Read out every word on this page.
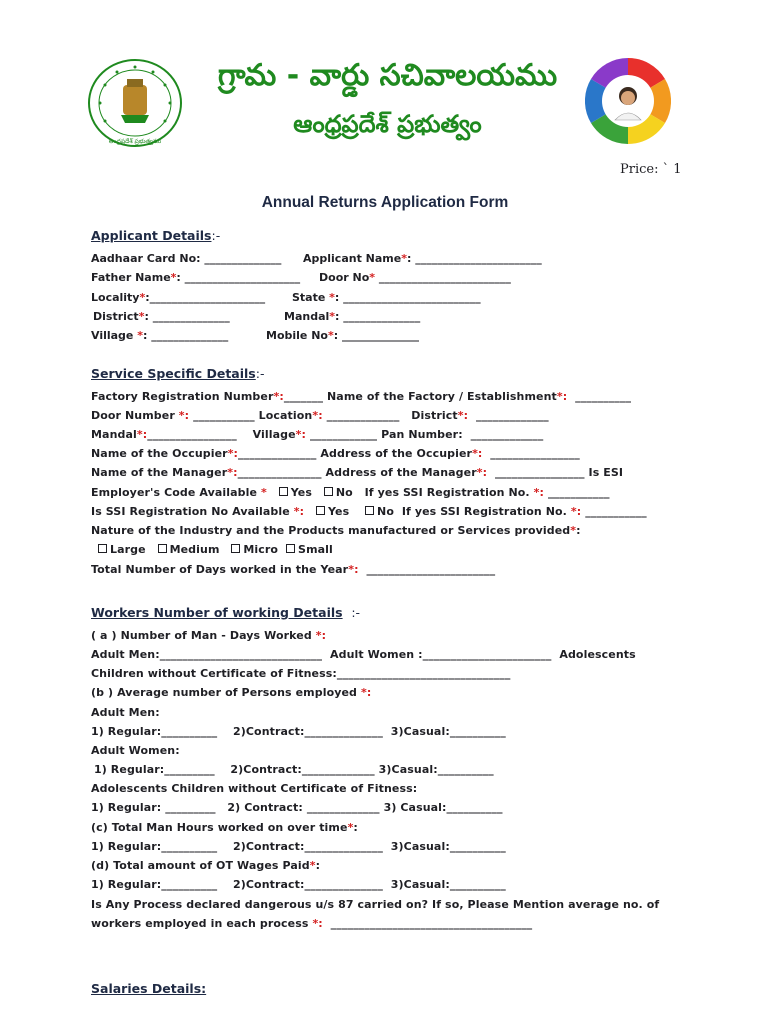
ఆంధ్రప్రదేశ్ ప్రభుత్వము
గ్రామ - వార్డు సచివాలయము
ఆంధ్రప్రదేశ్ ప్రభుత్వం
Price: ` 1
Annual Returns Application Form
Applicant Details:-
Aadhaar Card No: ______________ Applicant Name*: _______________________
Father Name*: _____________________ Door No* ________________________
Locality*:_____________________ State *: _________________________
District*: ______________	Mandal*: ______________
Village *: ______________	Mobile No*: ______________
Service Specific Details:-
Factory Registration Number*:_______ Name of the Factory / Establishment*: __________
Door Number *: ___________ Location*: _____________ District*: _____________
Mandal*:________________ Village*: ____________ Pan Number: _____________
Name of the Occupier*:______________ Address of the Occupier*: ________________
Name of the Manager*:_______________ Address of the Manager*: ________________ Is ESI
Employer's Code Available * Yes No If yes SSI Registration No. *: ___________
Is SSI Registration No Available *: Yes	No If yes SSI Registration No. *: ___________
Nature of the Industry and the Products manufactured or Services provided*:
Large Medium Micro Small
Total Number of Days worked in the Year*: _______________________
Workers Number of working Details :-
( a ) Number of Man - Days Worked *:
Adult Men:_____________________________ Adult Women :_______________________ Adolescents
Children without Certificate of Fitness:_______________________________
(b ) Average number of Persons employed *:
Adult Men:
1) Regular:__________ 2)Contract:______________ 3)Casual:__________
Adult Women:
1) Regular:_________ 2)Contract:_____________ 3)Casual:__________
Adolescents Children without Certificate of Fitness:
1) Regular: _________ 2) Contract: _____________ 3) Casual:__________
(c) Total Man Hours worked on over time*:
1) Regular:__________ 2)Contract:______________ 3)Casual:__________
(d) Total amount of OT Wages Paid*:
1) Regular:__________ 2)Contract:______________ 3)Casual:__________
Is Any Process declared dangerous u/s 87 carried on? If so, Please Mention average no. of
workers employed in each process *: ____________________________________
Salaries Details:
